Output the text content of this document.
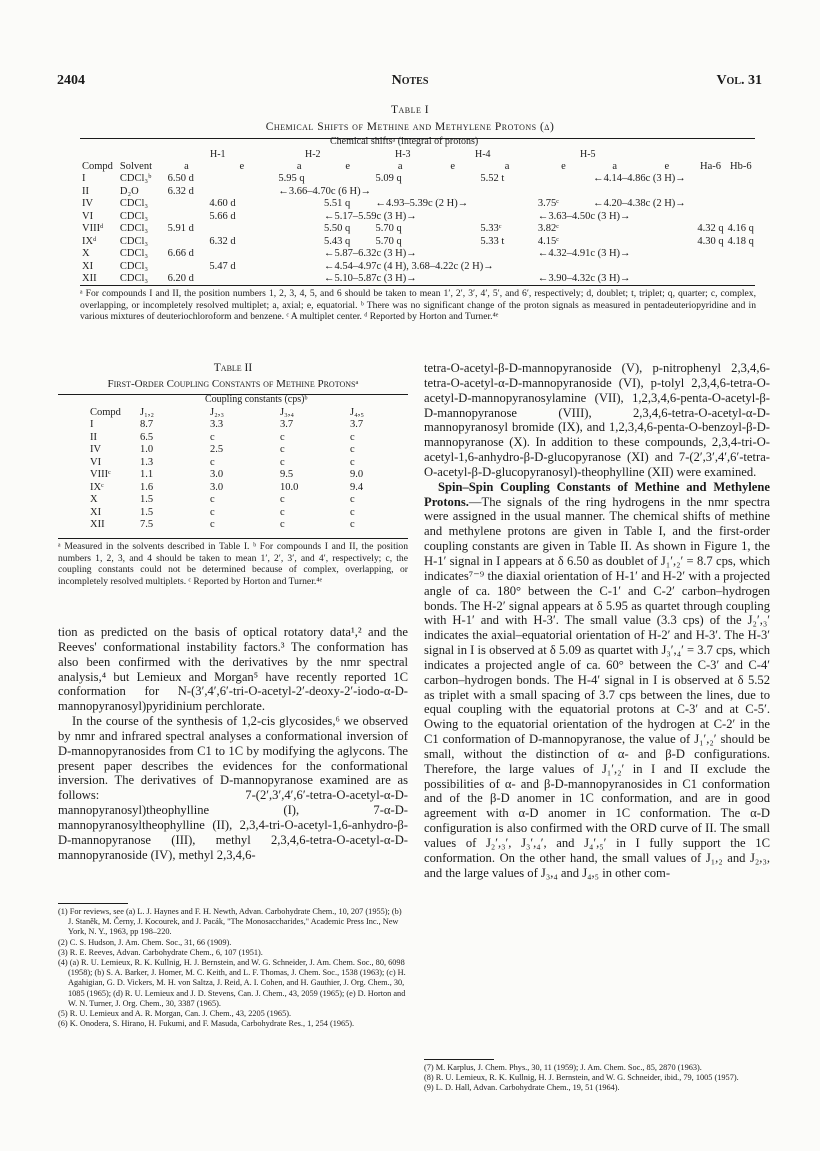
2404	Notes	Vol. 31
Table I
Chemical Shifts of Methine and Methylene Protons (δ)
Chemical shiftsᵃ (integral of protons)
H-1	H-2	H-3	H-4	H-5
Compd	Solvent	a	e	a	e	a	e	a	e	a	e	Ha-6	Hb-6
I	CDCl₃ᵇ	6.50 d		5.95 q		5.09 q		5.52 t		←4.14–4.86c (3 H)→			
II	D₂O	6.32 d		←3.66–4.70c (6 H)→									
IV	CDCl₃		4.60 d		5.51 q	←4.93–5.39c (2 H)→			3.75ᶜ	←4.20–4.38c (2 H)→			
VI	CDCl₃		5.66 d		←5.17–5.59c (3 H)→				←3.63–4.50c (3 H)→				
VIIIᵈ	CDCl₃	5.91 d			5.50 q	5.70 q		5.33ᶜ	3.82ᶜ			4.32 q	4.16 q
IXᵈ	CDCl₃		6.32 d		5.43 q	5.70 q		5.33 t	4.15ᶜ			4.30 q	4.18 q
X	CDCl₃	6.66 d			←5.87–6.32c (3 H)→				←4.32–4.91c (3 H)→				
XI	CDCl₃		5.47 d		←4.54–4.97c (4 H), 3.68–4.22c (2 H)→								
XII	CDCl₃	6.20 d			←5.10–5.87c (3 H)→				←3.90–4.32c (3 H)→				
ᵃ For compounds I and II, the position numbers 1, 2, 3, 4, 5, and 6 should be taken to mean 1′, 2′, 3′, 4′, 5′, and 6′, respectively; d, doublet; t, triplet; q, quarter; c, complex, overlapping, or incompletely resolved multiplet; a, axial; e, equatorial. ᵇ There was no significant change of the proton signals as measured in pentadeuteriopyridine and in various mixtures of deuteriochloroform and benzene. ᶜ A multiplet center. ᵈ Reported by Horton and Turner.⁴ᵉ
Table II
First-Order Coupling Constants of Methine Protonsᵃ
Coupling constants (cps)ᵇ
Compd	J₁,₂	J₂,₃	J₃,₄	J₄,₅
I	8.7	3.3	3.7	3.7
II	6.5	c	c	c
IV	1.0	2.5	c	c
VI	1.3	c	c	c
VIIIᶜ	1.1	3.0	9.5	9.0
IXᶜ	1.6	3.0	10.0	9.4
X	1.5	c	c	c
XI	1.5	c	c	c
XII	7.5	c	c	c
ᵃ Measured in the solvents described in Table I. ᵇ For compounds I and II, the position numbers 1, 2, 3, and 4 should be taken to mean 1′, 2′, 3′, and 4′, respectively; c, the coupling constants could not be determined because of complex, overlapping, or incompletely resolved multiplets. ᶜ Reported by Horton and Turner.⁴ᵉ

tion as predicted on the basis of optical rotatory data¹,² and the Reeves' conformational instability factors.³ The conformation has also been confirmed with the derivatives by the nmr spectral analysis,⁴ but Lemieux and Morgan⁵ have recently reported 1C conformation for N-(3′,4′,6′-tri-O-acetyl-2′-deoxy-2′-iodo-α-D-mannopyranosyl)pyridinium perchlorate.

In the course of the synthesis of 1,2-cis glycosides,⁶ we observed by nmr and infrared spectral analyses a conformational inversion of D-mannopyranosides from C1 to 1C by modifying the aglycons. The present paper describes the evidences for the conformational inversion. The derivatives of D-mannopyranose examined are as follows: 7-(2′,3′,4′,6′-tetra-O-acetyl-α-D-mannopyranosyl)theophylline (I), 7-α-D-mannopyranosyltheophylline (II), 2,3,4-tri-O-acetyl-1,6-anhydro-β-D-mannopyranose (III), methyl 2,3,4,6-tetra-O-acetyl-α-D-mannopyranoside (IV), methyl 2,3,4,6-

(1) For reviews, see (a) L. J. Haynes and F. H. Newth, Advan. Carbohydrate Chem., 10, 207 (1955); (b) J. Staněk, M. Černy, J. Kocourek, and J. Pacák, "The Monosaccharides," Academic Press Inc., New York, N. Y., 1963, pp 198–220.

(2) C. S. Hudson, J. Am. Chem. Soc., 31, 66 (1909).

(3) R. E. Reeves, Advan. Carbohydrate Chem., 6, 107 (1951).

(4) (a) R. U. Lemieux, R. K. Kullnig, H. J. Bernstein, and W. G. Schneider, J. Am. Chem. Soc., 80, 6098 (1958); (b) S. A. Barker, J. Homer, M. C. Keith, and L. F. Thomas, J. Chem. Soc., 1538 (1963); (c) H. Agahigian, G. D. Vickers, M. H. von Saltza, J. Reid, A. I. Cohen, and H. Gauthier, J. Org. Chem., 30, 1085 (1965); (d) R. U. Lemieux and J. D. Stevens, Can. J. Chem., 43, 2059 (1965); (e) D. Horton and W. N. Turner, J. Org. Chem., 30, 3387 (1965).

(5) R. U. Lemieux and A. R. Morgan, Can. J. Chem., 43, 2205 (1965).

(6) K. Onodera, S. Hirano, H. Fukumi, and F. Masuda, Carbohydrate Res., 1, 254 (1965).

tetra-O-acetyl-β-D-mannopyranoside (V), p-nitrophenyl 2,3,4,6-tetra-O-acetyl-α-D-mannopyranoside (VI), p-tolyl 2,3,4,6-tetra-O-acetyl-D-mannopyranosylamine (VII), 1,2,3,4,6-penta-O-acetyl-β-D-mannopyranose (VIII), 2,3,4,6-tetra-O-acetyl-α-D-mannopyranosyl bromide (IX), and 1,2,3,4,6-penta-O-benzoyl-β-D-mannopyranose (X). In addition to these compounds, 2,3,4-tri-O-acetyl-1,6-anhydro-β-D-glucopyranose (XI) and 7-(2′,3′,4′,6′-tetra-O-acetyl-β-D-glucopyranosyl)-theophylline (XII) were examined.

Spin–Spin Coupling Constants of Methine and Methylene Protons.—The signals of the ring hydrogens in the nmr spectra were assigned in the usual manner. The chemical shifts of methine and methylene protons are given in Table I, and the first-order coupling constants are given in Table II. As shown in Figure 1, the H-1′ signal in I appears at δ 6.50 as doublet of J₁′,₂′ = 8.7 cps, which indicates⁷⁻⁹ the diaxial orientation of H-1′ and H-2′ with a projected angle of ca. 180° between the C-1′ and C-2′ carbon–hydrogen bonds. The H-2′ signal appears at δ 5.95 as quartet through coupling with H-1′ and with H-3′. The small value (3.3 cps) of the J₂′,₃′ indicates the axial–equatorial orientation of H-2′ and H-3′. The H-3′ signal in I is observed at δ 5.09 as quartet with J₃′,₄′ = 3.7 cps, which indicates a projected angle of ca. 60° between the C-3′ and C-4′ carbon–hydrogen bonds. The H-4′ signal in I is observed at δ 5.52 as triplet with a small spacing of 3.7 cps between the lines, due to equal coupling with the equatorial protons at C-3′ and at C-5′. Owing to the equatorial orientation of the hydrogen at C-2′ in the C1 conformation of D-mannopyranose, the value of J₁′,₂′ should be small, without the distinction of α- and β-D configurations. Therefore, the large values of J₁′,₂′ in I and II exclude the possibilities of α- and β-D-mannopyranosides in C1 conformation and of the β-D anomer in 1C conformation, and are in good agreement with α-D anomer in 1C conformation. The α-D configuration is also confirmed with the ORD curve of II. The small values of J₂′,₃′, J₃′,₄′, and J₄′,₅′ in I fully support the 1C conformation. On the other hand, the small values of J₁,₂ and J₂,₃, and the large values of J₃,₄ and J₄,₅ in other com-

(7) M. Karplus, J. Chem. Phys., 30, 11 (1959); J. Am. Chem. Soc., 85, 2870 (1963).

(8) R. U. Lemieux, R. K. Kullnig, H. J. Bernstein, and W. G. Schneider, ibid., 79, 1005 (1957).

(9) L. D. Hall, Advan. Carbohydrate Chem., 19, 51 (1964).
